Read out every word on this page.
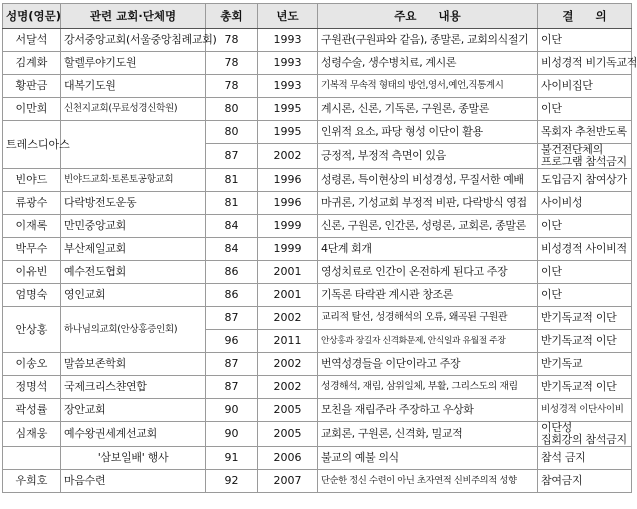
성명(영문)	관련 교회·단체명	총회	년도	주요 내용	결 의
서달석	강서중앙교회(서울중앙침례교회)	78	1993	구원관(구원파와 같음), 종말론, 교회의식절기	이단
김계화	할렐루야기도원	78	1993	성령수술, 생수병치료, 계시론	비성경적 비기독교적
황판금	대복기도원	78	1993	기복적 무속적 형태의 방언,영서,예언,직통계시	사이비집단
이만희	신천지교회(무료성경신학원)	80	1995	계시론, 신론, 기독론, 구원론, 종말론	이단
트레스디아스		80	1995	인위적 요소, 파당 형성 이단이 활용	목회자 추천반도록
		87	2002	긍정적, 부정적 측면이 있음	불건전단체의
프로그램 참석금지

빈야드	빈야드교회·토론토공항교회	81	1996	성령론, 특이현상의 비성경성, 무질서한 예배	도입금지 참여상가
류광수	다락방전도운동	81	1996	마귀론, 기성교회 부정적 비판, 다락방식 영접	사이비성
이재록	만민중앙교회	84	1999	신론, 구원론, 인간론, 성령론, 교회론, 종말론	이단
박무수	부산제일교회	84	1999	4단계 회개	비성경적 사이비적
이유빈	예수전도협회	86	2001	영성치료로 인간이 온전하게 된다고 주장	이단
엄명숙	영인교회	86	2001	기독론 타락관 계시관 창조론	이단
안상홍	하나님의교회(안상홍증인회)	87	2002	교리적 탈선, 성경해석의 오류, 왜곡된 구원관	반기독교적 이단
		96	2011	안상홍과 장길자 신격화문제, 안식일과 유월절 주장	반기독교적 이단
이송오	말씀보존학회	87	2002	번역성경들을 이단이라고 주장	반기독교
정명석	국제크리스챤연합	87	2002	성경해석, 재림, 삼위일체, 부활, 그리스도의 재림	반기독교적 이단
곽성률	장안교회	90	2005	모친을 재림주라 주장하고 우상화	비성경적 이단사이비
심재웅	예수왕권세계선교회	90	2005	교회론, 구원론, 신격화, 밀교적	이단성
집회강의 참석금지

	'삼보일배' 행사	91	2006	불교의 예불 의식	참석 금지
우희호	마음수련	92	2007	단순한 정신 수련이 아닌 초자연적 신비주의적 성향	참여금지
